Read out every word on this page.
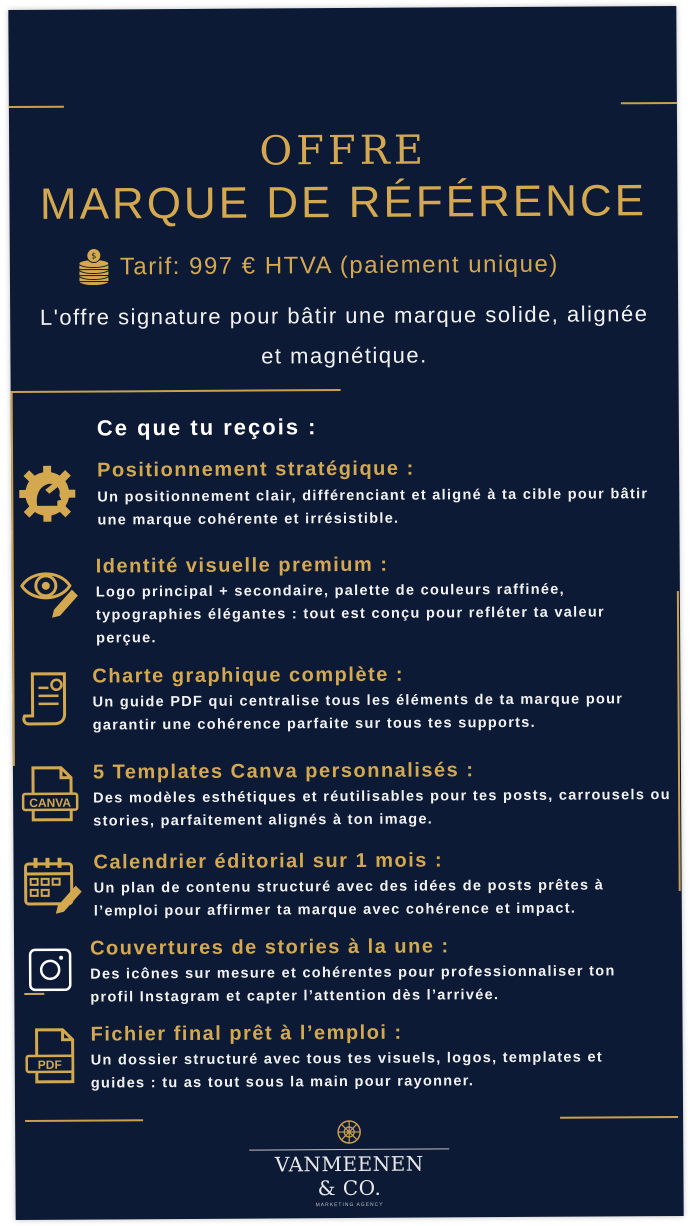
OFFRE
MARQUE DE RÉFÉRENCE
$ Tarif: 997 € HTVA (paiement unique)
L'offre signature pour bâtir une marque solide, alignée et magnétique.
Ce que tu reçois :
Positionnement stratégique :

Un positionnement clair, différenciant et aligné à ta cible pour bâtir une marque cohérente et irrésistible.

Identité visuelle premium :

Logo principal + secondaire, palette de couleurs raffinée, typographies élégantes : tout est conçu pour refléter ta valeur perçue.

Charte graphique complète :

Un guide PDF qui centralise tous les éléments de ta marque pour garantir une cohérence parfaite sur tous tes supports.

CANVA
5 Templates Canva personnalisés :

Des modèles esthétiques et réutilisables pour tes posts, carrousels ou stories, parfaitement alignés à ton image.

Calendrier éditorial sur 1 mois :

Un plan de contenu structuré avec des idées de posts prêtes à l’emploi pour affirmer ta marque avec cohérence et impact.

Couvertures de stories à la une :

Des icônes sur mesure et cohérentes pour professionnaliser ton profil Instagram et capter l’attention dès l’arrivée.

PDF
Fichier final prêt à l’emploi :

Un dossier structuré avec tous tes visuels, logos, templates et guides : tu as tout sous la main pour rayonner.

VANMEENEN
& CO.
MARKETING AGENCY
